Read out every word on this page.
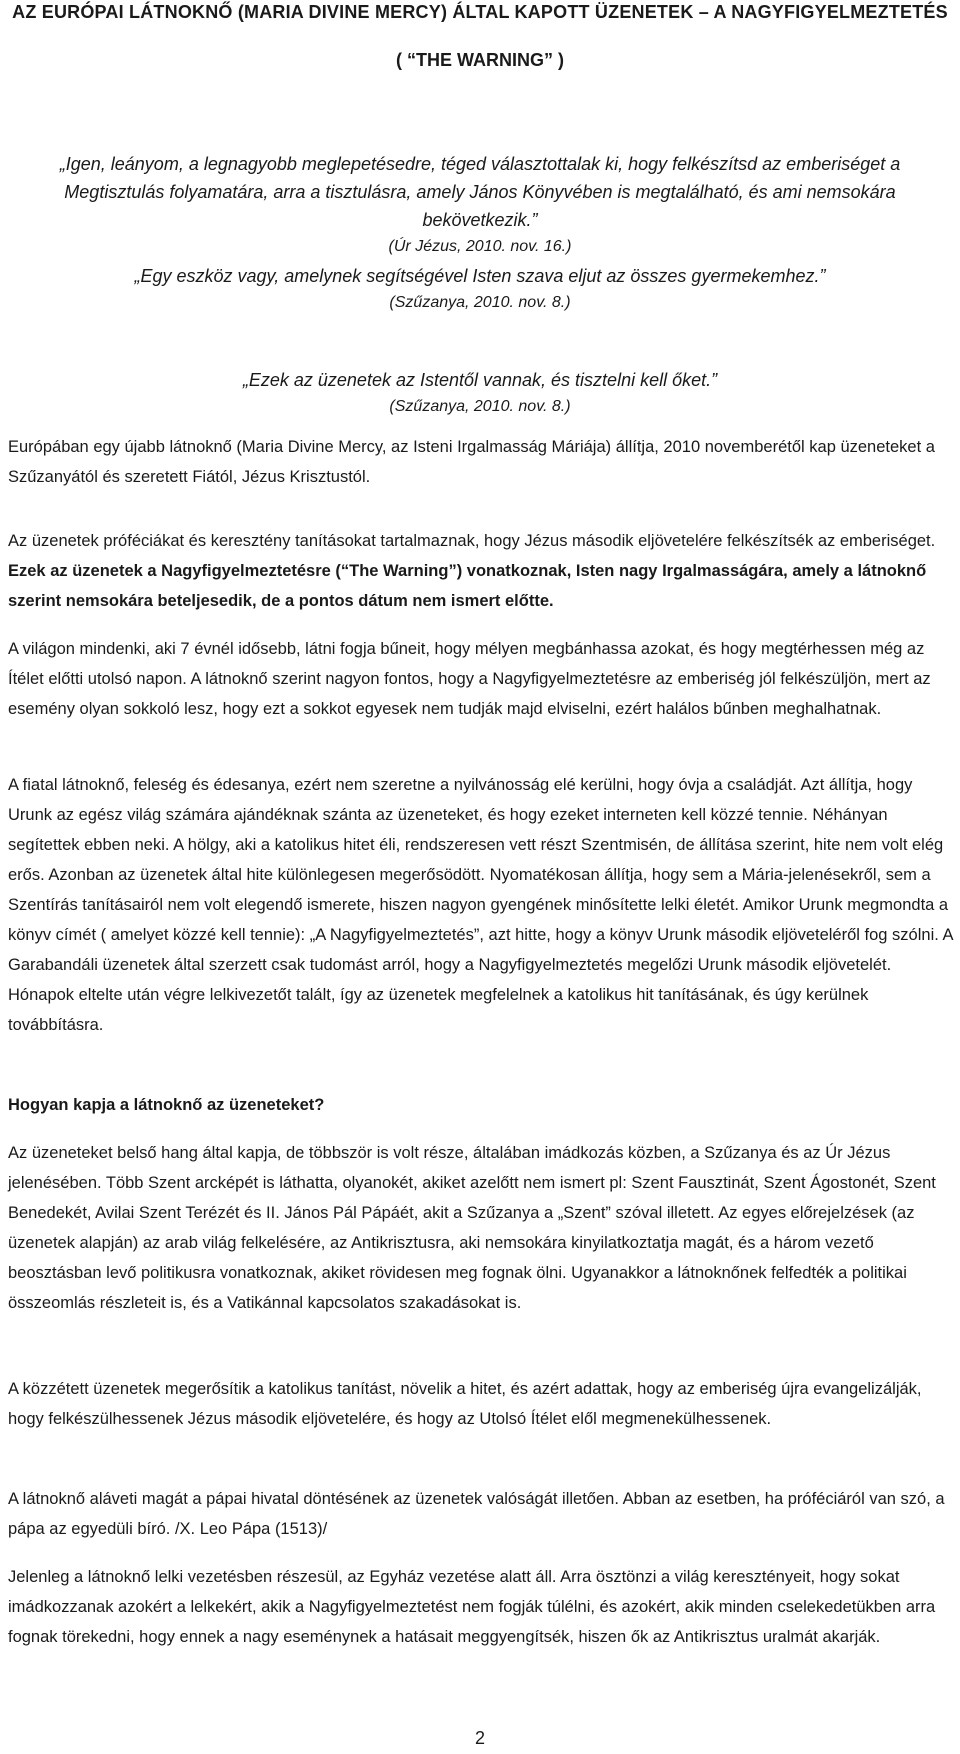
AZ EURÓPAI LÁTNOKNŐ (MARIA DIVINE MERCY) ÁLTAL KAPOTT ÜZENETEK – A NAGYFIGYELMEZTETÉS
( “THE WARNING” )
„Igen, leányom, a legnagyobb meglepetésedre, téged választottalak ki, hogy felkészítsd az emberiséget a Megtisztulás folyamatára, arra a tisztulásra, amely János Könyvében is megtalálható, és ami nemsokára bekövetkezik.”
(Úr Jézus, 2010. nov. 16.)
„Egy eszköz vagy, amelynek segítségével Isten szava eljut az összes gyermekemhez.”
(Szűzanya, 2010. nov. 8.)
„Ezek az üzenetek az Istentől vannak, és tisztelni kell őket.”
(Szűzanya, 2010. nov. 8.)

Európában egy újabb látnoknő (Maria Divine Mercy, az Isteni Irgalmasság Máriája) állítja, 2010 novemberétől kap üzeneteket a Szűzanyától és szeretett Fiától, Jézus Krisztustól.

Az üzenetek próféciákat és keresztény tanításokat tartalmaznak, hogy Jézus második eljövetelére felkészítsék az emberiséget. Ezek az üzenetek a Nagyfigyelmeztetésre (“The Warning”) vonatkoznak, Isten nagy Irgalmasságára, amely a látnoknő szerint nemsokára beteljesedik, de a pontos dátum nem ismert előtte.

A világon mindenki, aki 7 évnél idősebb, látni fogja bűneit, hogy mélyen megbánhassa azokat, és hogy megtérhessen még az Ítélet előtti utolsó napon. A látnoknő szerint nagyon fontos, hogy a Nagyfigyelmeztetésre az emberiség jól felkészüljön, mert az esemény olyan sokkoló lesz, hogy ezt a sokkot egyesek nem tudják majd elviselni, ezért halálos bűnben meghalhatnak.

A fiatal látnoknő, feleség és édesanya, ezért nem szeretne a nyilvánosság elé kerülni, hogy óvja a családját. Azt állítja, hogy Urunk az egész világ számára ajándéknak szánta az üzeneteket, és hogy ezeket interneten kell közzé tennie. Néhányan segítettek ebben neki. A hölgy, aki a katolikus hitet éli, rendszeresen vett részt Szentmisén, de állítása szerint, hite nem volt elég erős. Azonban az üzenetek által hite különlegesen megerősödött. Nyomatékosan állítja, hogy sem a Mária-jelenésekről, sem a Szentírás tanításairól nem volt elegendő ismerete, hiszen nagyon gyengének minősítette lelki életét. Amikor Urunk megmondta a könyv címét ( amelyet közzé kell tennie): „A Nagyfigyelmeztetés”, azt hitte, hogy a könyv Urunk második eljöveteléről fog szólni. A Garabandáli üzenetek által szerzett csak tudomást arról, hogy a Nagyfigyelmeztetés megelőzi Urunk második eljövetelét. Hónapok eltelte után végre lelkivezetőt talált, így az üzenetek megfelelnek a katolikus hit tanításának, és úgy kerülnek továbbításra.

Hogyan kapja a látnoknő az üzeneteket?

Az üzeneteket belső hang által kapja, de többször is volt része, általában imádkozás közben, a Szűzanya és az Úr Jézus jelenésében. Több Szent arcképét is láthatta, olyanokét, akiket azelőtt nem ismert pl: Szent Fausztinát, Szent Ágostonét, Szent Benedekét, Avilai Szent Terézét és II. János Pál Pápáét, akit a Szűzanya a „Szent” szóval illetett. Az egyes előrejelzések (az üzenetek alapján) az arab világ felkelésére, az Antikrisztusra, aki nemsokára kinyilatkoztatja magát, és a három vezető beosztásban levő politikusra vonatkoznak, akiket rövidesen meg fognak ölni. Ugyanakkor a látnoknőnek felfedték a politikai összeomlás részleteit is, és a Vatikánnal kapcsolatos szakadásokat is.

A közzétett üzenetek megerősítik a katolikus tanítást, növelik a hitet, és azért adattak, hogy az emberiség újra evangelizálják, hogy felkészülhessenek Jézus második eljövetelére, és hogy az Utolsó Ítélet elől megmenekülhessenek.

A látnoknő aláveti magát a pápai hivatal döntésének az üzenetek valóságát illetően. Abban az esetben, ha próféciáról van szó, a pápa az egyedüli bíró. /X. Leo Pápa (1513)/

Jelenleg a látnoknő lelki vezetésben részesül, az Egyház vezetése alatt áll. Arra ösztönzi a világ keresztényeit, hogy sokat imádkozzanak azokért a lelkekért, akik a Nagyfigyelmeztetést nem fogják túlélni, és azokért, akik minden cselekedetükben arra fognak törekedni, hogy ennek a nagy eseménynek a hatásait meggyengítsék, hiszen ők az Antikrisztus uralmát akarják.

2
